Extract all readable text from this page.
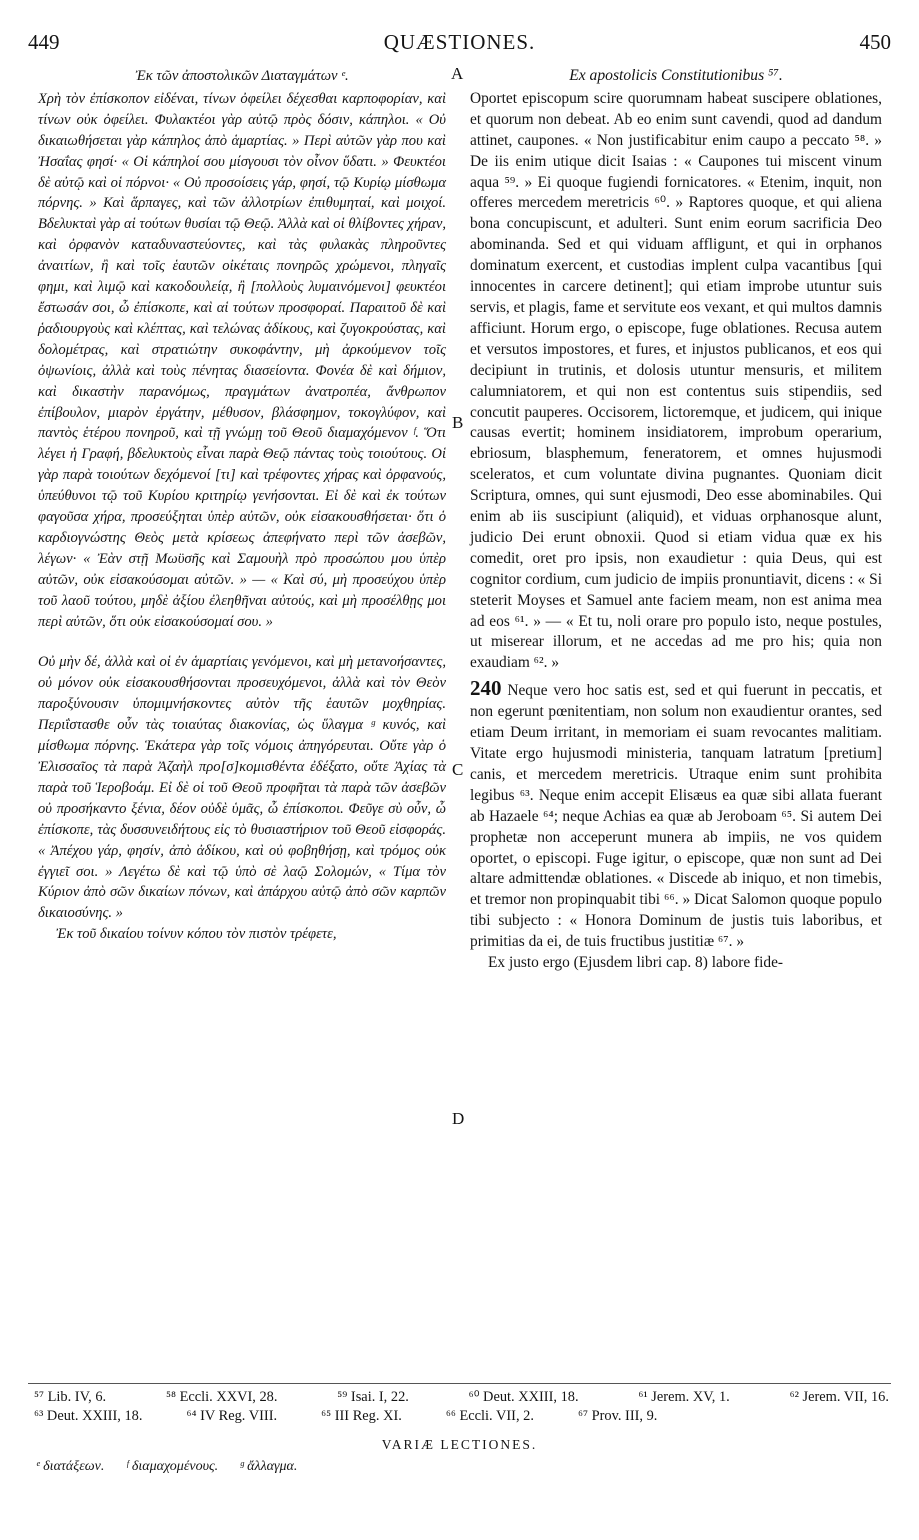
449	QUÆSTIONES.	450

Ἐκ τῶν ἀποστολικῶν Διαταγμάτων ᵉ.

Χρὴ τὸν ἐπίσκοπον εἰδέναι, τίνων ὀφείλει δέχεσθαι καρποφορίαν, καὶ τίνων οὐκ ὀφείλει. Φυλακτέοι γὰρ αὐτῷ πρὸς δόσιν, κάπηλοι. « Οὐ δικαιωθήσεται γὰρ κάπηλος ἀπὸ ἁμαρτίας. » Περὶ αὐτῶν γὰρ που καὶ Ἠσαΐας φησί· « Οἱ κάπηλοί σου μίσγουσι τὸν οἶνον ὕδατι. » Φευκτέοι δὲ αὐτῷ καὶ οἱ πόρνοι· « Οὐ προσοίσεις γάρ, φησί, τῷ Κυρίῳ μίσθωμα πόρνης. » Καὶ ἅρπαγες, καὶ τῶν ἀλλοτρίων ἐπιθυμηταί, καὶ μοιχοί. Βδελυκταὶ γὰρ αἱ τούτων θυσίαι τῷ Θεῷ. Ἀλλὰ καὶ οἱ θλίβοντες χήραν, καὶ ὀρφανὸν καταδυναστεύοντες, καὶ τὰς φυλακὰς πληροῦντες ἀναιτίων, ἢ καὶ τοῖς ἑαυτῶν οἰκέταις πονηρῶς χρώμενοι, πληγαῖς φημι, καὶ λιμῷ καὶ κακοδουλείᾳ, ἢ [πολλοὺς λυμαινόμενοι] φευκτέοι ἔστωσάν σοι, ὦ ἐπίσκοπε, καὶ αἱ τούτων προσφοραί. Παραιτοῦ δὲ καὶ ῥαδιουργοὺς καὶ κλέπτας, καὶ τελώνας ἀδίκους, καὶ ζυγοκρούστας, καὶ δολομέτρας, καὶ στρατιώτην συκοφάντην, μὴ ἀρκούμενον τοῖς ὀψωνίοις, ἀλλὰ καὶ τοὺς πένητας διασείοντα. Φονέα δὲ καὶ δήμιον, καὶ δικαστὴν παρανόμως, πραγμάτων ἀνατροπέα, ἄνθρωπον ἐπίβουλον, μιαρὸν ἐργάτην, μέθυσον, βλάσφημον, τοκογλύφον, καὶ παντὸς ἑτέρου πονηροῦ, καὶ τῇ γνώμῃ τοῦ Θεοῦ διαμαχόμενον ᶠ. Ὅτι λέγει ἡ Γραφή, βδελυκτοὺς εἶναι παρὰ Θεῷ πάντας τοὺς τοιούτους. Οἱ γὰρ παρὰ τοιούτων δεχόμενοί [τι] καὶ τρέφοντες χήρας καὶ ὀρφανούς, ὑπεύθυνοι τῷ τοῦ Κυρίου κριτηρίῳ γενήσονται. Εἰ δὲ καὶ ἐκ τούτων φαγοῦσα χήρα, προσεύξηται ὑπὲρ αὐτῶν, οὐκ εἰσακουσθήσεται· ὅτι ὁ καρδιογνώστης Θεὸς μετὰ κρίσεως ἀπεφήνατο περὶ τῶν ἀσεβῶν, λέγων· « Ἐὰν στῇ Μωϋσῆς καὶ Σαμουὴλ πρὸ προσώπου μου ὑπὲρ αὐτῶν, οὐκ εἰσακούσομαι αὐτῶν. » — « Καὶ σύ, μὴ προσεύχου ὑπὲρ τοῦ λαοῦ τούτου, μηδὲ ἀξίου ἐλεηθῆναι αὐτούς, καὶ μὴ προσέλθῃς μοι περὶ αὐτῶν, ὅτι οὐκ εἰσακούσομαί σου. »

Οὐ μὴν δέ, ἀλλὰ καὶ οἱ ἐν ἁμαρτίαις γενόμενοι, καὶ μὴ μετανοήσαντες, οὐ μόνον οὐκ εἰσακουσθήσονται προσευχόμενοι, ἀλλὰ καὶ τὸν Θεὸν παροξύνουσιν ὑπομιμνήσκοντες αὐτὸν τῆς ἑαυτῶν μοχθηρίας. Περιΐστασθε οὖν τὰς τοιαύτας διακονίας, ὡς ὕλαγμα ᵍ κυνός, καὶ μίσθωμα πόρνης. Ἑκάτερα γὰρ τοῖς νόμοις ἀπηγόρευται. Οὔτε γὰρ ὁ Ἐλισσαῖος τὰ παρὰ Ἀζαὴλ προ[σ]κομισθέντα ἐδέξατο, οὔτε Ἀχίας τὰ παρὰ τοῦ Ἱεροβοάμ. Εἰ δὲ οἱ τοῦ Θεοῦ προφῆται τὰ παρὰ τῶν ἀσεβῶν οὐ προσήκαντο ξένια, δέον οὐδὲ ὑμᾶς, ὦ ἐπίσκοποι. Φεῦγε σὺ οὖν, ὦ ἐπίσκοπε, τὰς δυσσυνειδήτους εἰς τὸ θυσιαστήριον τοῦ Θεοῦ εἰσφοράς. « Ἀπέχου γάρ, φησίν, ἀπὸ ἀδίκου, καὶ οὐ φοβηθήσῃ, καὶ τρόμος οὐκ ἐγγιεῖ σοι. » Λεγέτω δὲ καὶ τῷ ὑπὸ σὲ λαῷ Σολομών, « Τίμα τὸν Κύριον ἀπὸ σῶν δικαίων πόνων, καὶ ἀπάρχου αὐτῷ ἀπὸ σῶν καρπῶν δικαιοσύνης. »

Ἐκ τοῦ δικαίου τοίνυν κόπου τὸν πιστὸν τρέφετε,

A
B
C
D

Ex apostolicis Constitutionibus ⁵⁷.

Oportet episcopum scire quorumnam habeat suscipere oblationes, et quorum non debeat. Ab eo enim sunt cavendi, quod ad dandum attinet, caupones. « Non justificabitur enim caupo a peccato ⁵⁸. » De iis enim utique dicit Isaias : « Caupones tui miscent vinum aqua ⁵⁹. » Ei quoque fugiendi fornicatores. « Etenim, inquit, non offeres mercedem meretricis ⁶⁰. » Raptores quoque, et qui aliena bona concupiscunt, et adulteri. Sunt enim eorum sacrificia Deo abominanda. Sed et qui viduam affligunt, et qui in orphanos dominatum exercent, et custodias implent culpa vacantibus [qui innocentes in carcere detinent]; qui etiam improbe utuntur suis servis, et plagis, fame et servitute eos vexant, et qui multos damnis afficiunt. Horum ergo, o episcope, fuge oblationes. Recusa autem et versutos impostores, et fures, et injustos publicanos, et eos qui decipiunt in trutinis, et dolosis utuntur mensuris, et militem calumniatorem, et qui non est contentus suis stipendiis, sed concutit pauperes. Occisorem, lictoremque, et judicem, qui inique causas evertit; hominem insidiatorem, improbum operarium, ebriosum, blasphemum, feneratorem, et omnes hujusmodi sceleratos, et cum voluntate divina pugnantes. Quoniam dicit Scriptura, omnes, qui sunt ejusmodi, Deo esse abominabiles. Qui enim ab iis suscipiunt (aliquid), et viduas orphanosque alunt, judicio Dei erunt obnoxii. Quod si etiam vidua quæ ex his comedit, oret pro ipsis, non exaudietur : quia Deus, qui est cognitor cordium, cum judicio de impiis pronuntiavit, dicens : « Si steterit Moyses et Samuel ante faciem meam, non est anima mea ad eos ⁶¹. » — « Et tu, noli orare pro populo isto, neque postules, ut miserear illorum, et ne accedas ad me pro his; quia non exaudiam ⁶². »

240 Neque vero hoc satis est, sed et qui fuerunt in peccatis, et non egerunt pœnitentiam, non solum non exaudientur orantes, sed etiam Deum irritant, in memoriam ei suam revocantes malitiam. Vitate ergo hujusmodi ministeria, tanquam latratum [pretium] canis, et mercedem meretricis. Utraque enim sunt prohibita legibus ⁶³. Neque enim accepit Elisæus ea quæ sibi allata fuerant ab Hazaele ⁶⁴; neque Achias ea quæ ab Jeroboam ⁶⁵. Si autem Dei prophetæ non acceperunt munera ab impiis, ne vos quidem oportet, o episcopi. Fuge igitur, o episcope, quæ non sunt ad Dei altare admittendæ oblationes. « Discede ab iniquo, et non timebis, et tremor non propinquabit tibi ⁶⁶. » Dicat Salomon quoque populo tibi subjecto : « Honora Dominum de justis tuis laboribus, et primitias da ei, de tuis fructibus justitiæ ⁶⁷. »

Ex justo ergo (Ejusdem libri cap. 8) labore fide-

⁵⁷ Lib. IV, 6.	⁵⁸ Eccli. XXVI, 28.	⁵⁹ Isai. I, 22.	⁶⁰ Deut. XXIII, 18.	⁶¹ Jerem. XV, 1.	⁶² Jerem. VII, 16.
⁶³ Deut. XXIII, 18.	⁶⁴ IV Reg. VIII.	⁶⁵ III Reg. XI.	⁶⁶ Eccli. VII, 2.	⁶⁷ Prov. III, 9.
VARIÆ LECTIONES.
ᵉ διατάξεων. ᶠ διαμαχομένους. ᵍ ἄλλαγμα.
